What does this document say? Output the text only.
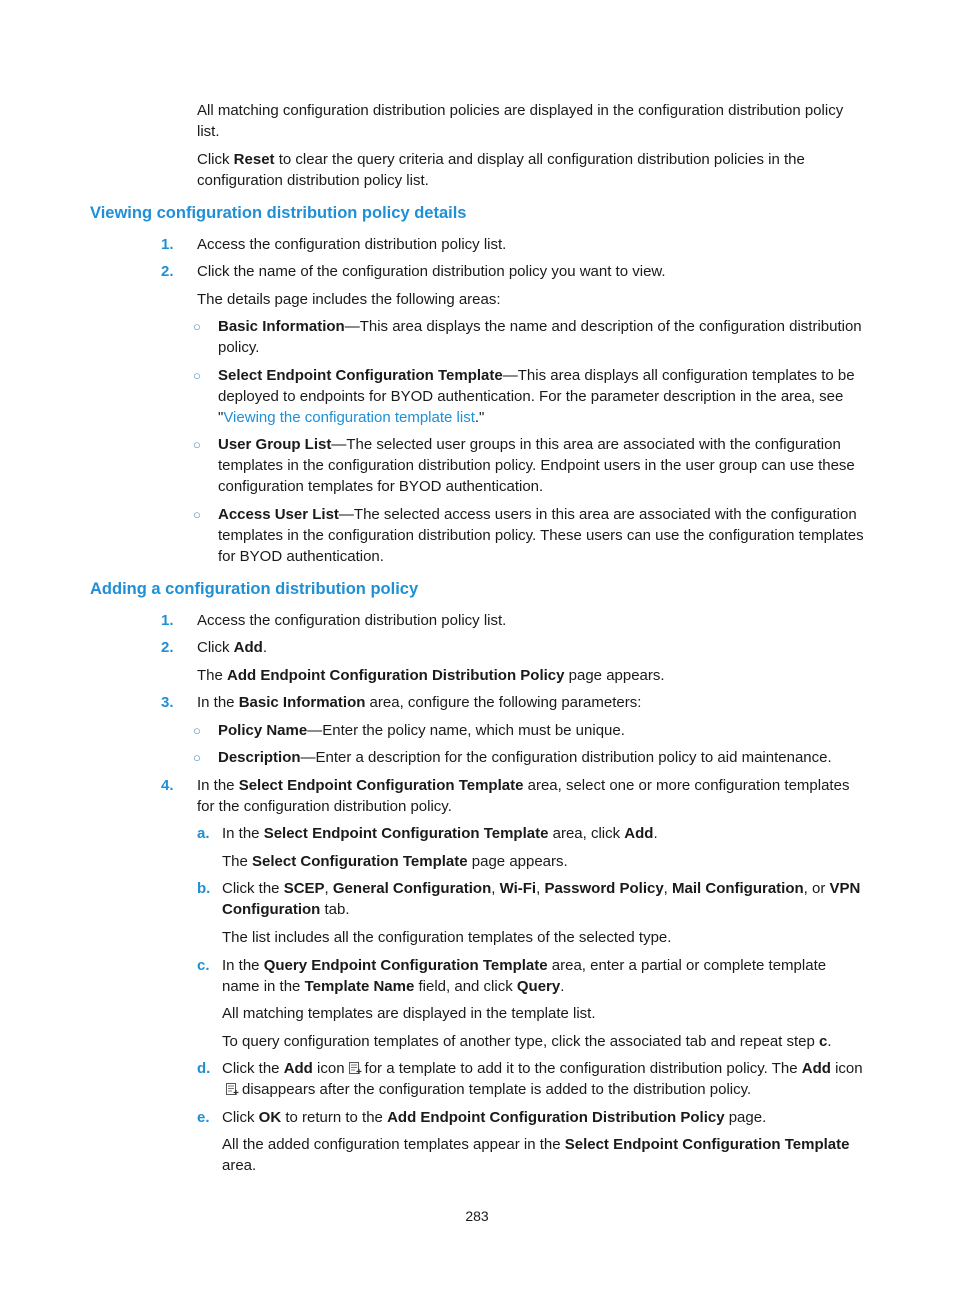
All matching configuration distribution policies are displayed in the configuration distribution policy list.

Click Reset to clear the query criteria and display all configuration distribution policies in the configuration distribution policy list.

Viewing configuration distribution policy details
1.	Access the configuration distribution policy list.

2.	Click the name of the configuration distribution policy you want to view.

The details page includes the following areas:

○ Basic Information—This area displays the name and description of the configuration distribution policy.

○ Select Endpoint Configuration Template—This area displays all configuration templates to be deployed to endpoints for BYOD authentication. For the parameter description in the area, see "Viewing the configuration template list."

○ User Group List—The selected user groups in this area are associated with the configuration templates in the configuration distribution policy. Endpoint users in the user group can use these configuration templates for BYOD authentication.

○ Access User List—The selected access users in this area are associated with the configuration templates in the configuration distribution policy. These users can use the configuration templates for BYOD authentication.

Adding a configuration distribution policy
1.	Access the configuration distribution policy list.

2.	Click Add.

The Add Endpoint Configuration Distribution Policy page appears.

3.	In the Basic Information area, configure the following parameters:

○ Policy Name—Enter the policy name, which must be unique.

○ Description—Enter a description for the configuration distribution policy to aid maintenance.

4.	In the Select Endpoint Configuration Template area, select one or more configuration templates for the configuration distribution policy.

a. In the Select Endpoint Configuration Template area, click Add.

The Select Configuration Template page appears.

b. Click the SCEP, General Configuration, Wi-Fi, Password Policy, Mail Configuration, or VPN Configuration tab.

The list includes all the configuration templates of the selected type.

c. In the Query Endpoint Configuration Template area, enter a partial or complete template name in the Template Name field, and click Query.

All matching templates are displayed in the template list.

To query configuration templates of another type, click the associated tab and repeat step c.

d. Click the Add icon for a template to add it to the configuration distribution policy. The Add icondisappears after the configuration template is added to the distribution policy.

e. Click OK to return to the Add Endpoint Configuration Distribution Policy page.

All the added configuration templates appear in the Select Endpoint Configuration Template area.

283
